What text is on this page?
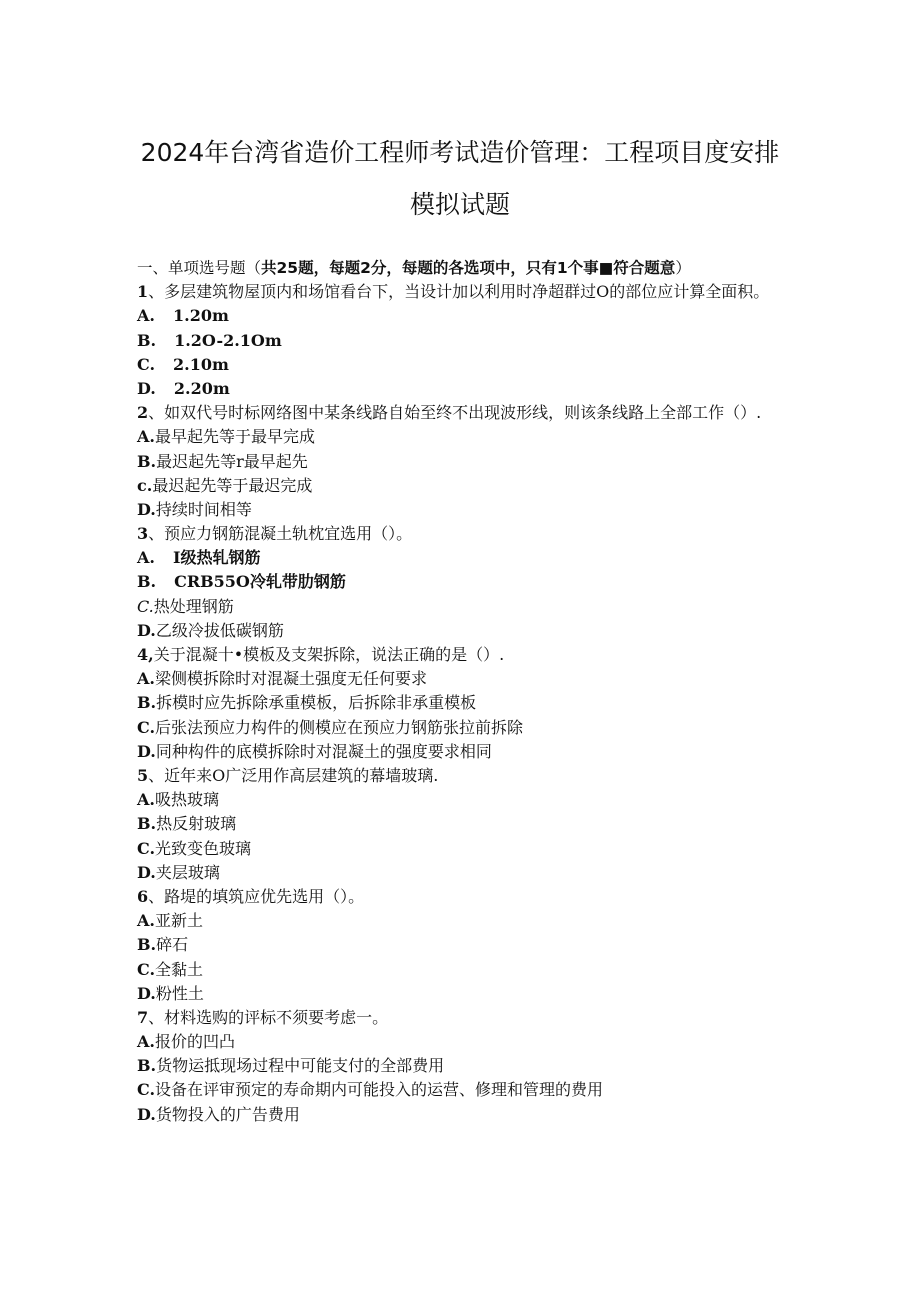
2024年台湾省造价工程师考试造价管理：工程项目度安排
模拟试题
一、单项选号题（共25题，每题2分，每题的各选项中，只有1个事■符合题意）
1、多层建筑物屋顶内和场馆看台下，当设计加以利用时净超群过O的部位应计算全面积。
A. 1.20m
B. 1.2O-2.1Om
C. 2.10m
D. 2.20m
2、如双代号时标网络图中某条线路自始至终不出现波形线，则该条线路上全部工作（）.
A.最早起先等于最早完成
B.最迟起先等r最早起先
c.最迟起先等于最迟完成
D.持续时间相等
3、预应力钢筋混凝土轨枕宜选用（）。
A. I级热轧钢筋
B. CRB55O冷轧带肋钢筋
C.热处理钢筋
D.乙级冷拔低碳钢筋
4,关于混凝十•模板及支架拆除，说法正确的是（）.
A.梁侧模拆除时对混凝土强度无任何要求
B.拆模时应先拆除承重模板，后拆除非承重模板
C.后张法预应力构件的侧模应在预应力钢筋张拉前拆除
D.同种构件的底模拆除时对混凝土的强度要求相同
5、近年来O广泛用作高层建筑的幕墙玻璃.
A.吸热玻璃
B.热反射玻璃
C.光致变色玻璃
D.夹层玻璃
6、路堤的填筑应优先选用（）。
A.亚新土
B.碎石
C.全黏土
D.粉性土
7、材料选购的评标不须要考虑一。
A.报价的凹凸
B.货物运抵现场过程中可能支付的全部费用
C.设备在评审预定的寿命期内可能投入的运营、修理和管理的费用
D.货物投入的广告费用
